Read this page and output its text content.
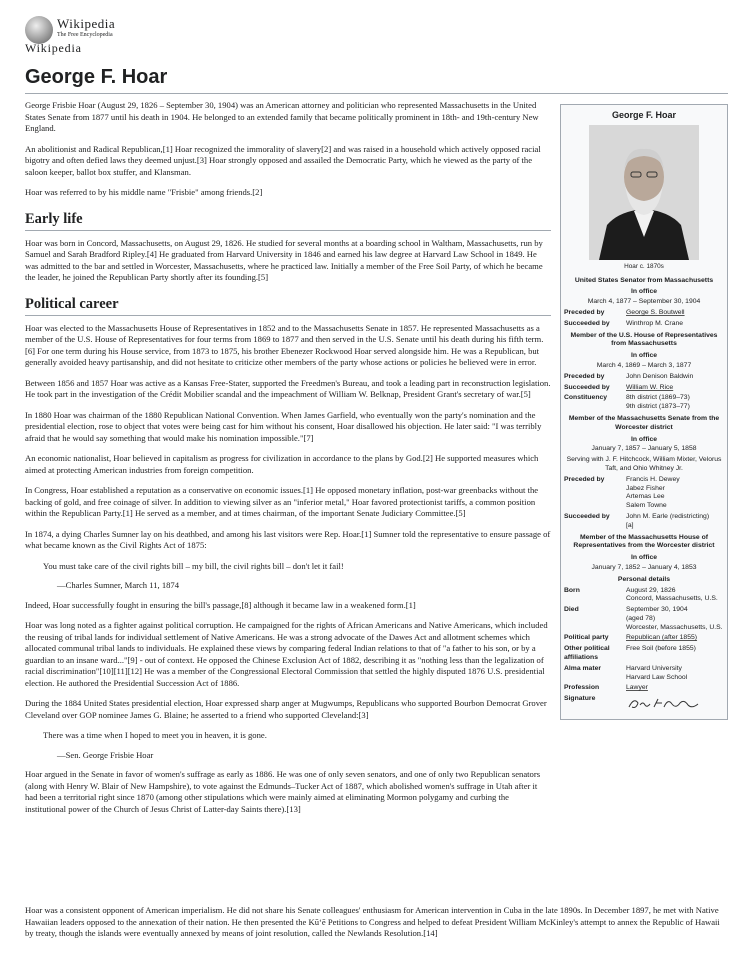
Wikipedia
The Free Encyclopedia
Wikipedia
George F. Hoar

George Frisbie Hoar (August 29, 1826 – September 30, 1904) was an American attorney and politician who represented Massachusetts in the United States Senate from 1877 until his death in 1904. He belonged to an extended family that became politically prominent in 18th- and 19th-century New England.

An abolitionist and Radical Republican,[1] Hoar recognized the immorality of slavery[2] and was raised in a household which actively opposed racial bigotry and often defied laws they deemed unjust.[3] Hoar strongly opposed and assailed the Democratic Party, which he viewed as the party of the saloon keeper, ballot box stuffer, and Klansman.

Hoar was referred to by his middle name "Frisbie" among friends.[2]

Early life

Hoar was born in Concord, Massachusetts, on August 29, 1826. He studied for several months at a boarding school in Waltham, Massachusetts, run by Samuel and Sarah Bradford Ripley.[4] He graduated from Harvard University in 1846 and earned his law degree at Harvard Law School in 1849. He was admitted to the bar and settled in Worcester, Massachusetts, where he practiced law. Initially a member of the Free Soil Party, of which he became the leader, he joined the Republican Party shortly after its founding.[5]

Political career

Hoar was elected to the Massachusetts House of Representatives in 1852 and to the Massachusetts Senate in 1857. He represented Massachusetts as a member of the U.S. House of Representatives for four terms from 1869 to 1877 and then served in the U.S. Senate until his death during his fifth term.[6] For one term during his House service, from 1873 to 1875, his brother Ebenezer Rockwood Hoar served alongside him. He was a Republican, but generally avoided heavy partisanship, and did not hesitate to criticize other members of the party whose actions or policies he believed were in error.

Between 1856 and 1857 Hoar was active as a Kansas Free-Stater, supported the Freedmen's Bureau, and took a leading part in reconstruction legislation. He took part in the investigation of the Crédit Mobilier scandal and the impeachment of William W. Belknap, President Grant's secretary of war.[5]

In 1880 Hoar was chairman of the 1880 Republican National Convention. When James Garfield, who eventually won the party's nomination and the presidential election, rose to object that votes were being cast for him without his consent, Hoar disallowed his objection. He later said: "I was terribly afraid that he would say something that would make his nomination impossible."[7]

An economic nationalist, Hoar believed in capitalism as progress for civilization in accordance to the plans by God.[2] He supported measures which aimed at protecting American industries from foreign competition.

In Congress, Hoar established a reputation as a conservative on economic issues.[1] He opposed monetary inflation, post-war greenbacks without the backing of gold, and free coinage of silver. In addition to viewing silver as an "inferior metal," Hoar favored protectionist tariffs, a common position within the Republican Party.[1] He served as a member, and at times chairman, of the important Senate Judiciary Committee.[5]

In 1874, a dying Charles Sumner lay on his deathbed, and among his last visitors were Rep. Hoar.[1] Sumner told the representative to ensure passage of what became known as the Civil Rights Act of 1875:

You must take care of the civil rights bill – my bill, the civil rights bill – don't let it fail!
—Charles Sumner, March 11, 1874

Indeed, Hoar successfully fought in ensuring the bill's passage,[8] although it became law in a weakened form.[1]

Hoar was long noted as a fighter against political corruption. He campaigned for the rights of African Americans and Native Americans, which included the reusing of tribal lands for individual settlement of Native Americans. He was a strong advocate of the Dawes Act and allotment schemes which allocated communal tribal lands to individuals. He explained these views by comparing federal Indian relations to that of "a father to his son, or by a guardian to an insane ward..."[9] - out of context. He opposed the Chinese Exclusion Act of 1882, describing it as "nothing less than the legalization of racial discrimination"[10][11][12] He was a member of the Congressional Electoral Commission that settled the highly disputed 1876 U.S. presidential election. He authored the Presidential Succession Act of 1886.

During the 1884 United States presidential election, Hoar expressed sharp anger at Mugwumps, Republicans who supported Bourbon Democrat Grover Cleveland over GOP nominee James G. Blaine; he asserted to a friend who supported Cleveland:[3]

There was a time when I hoped to meet you in heaven, it is gone.
—Sen. George Frisbie Hoar

Hoar argued in the Senate in favor of women's suffrage as early as 1886. He was one of only seven senators, and one of only two Republican senators (along with Henry W. Blair of New Hampshire), to vote against the Edmunds–Tucker Act of 1887, which abolished women's suffrage in Utah after it had been a territorial right since 1870 (among other stipulations which were mainly aimed at eliminating Mormon polygamy and curbing the institutional power of the Church of Jesus Christ of Latter-day Saints there).[13]

Hoar was a consistent opponent of American imperialism. He did not share his Senate colleagues' enthusiasm for American intervention in Cuba in the late 1890s. In December 1897, he met with Native Hawaiian leaders opposed to the annexation of their nation. He then presented the Kūʻē Petitions to Congress and helped to defeat President William McKinley's attempt to annex the Republic of Hawaii by treaty, though the islands were eventually annexed by means of joint resolution, called the Newlands Resolution.[14]

George F. Hoar
Hoar c. 1870s
United States Senator from Massachusetts
In office
March 4, 1877 – September 30, 1904
Preceded by	George S. Boutwell
Succeeded by	Winthrop M. Crane
Member of the U.S. House of Representatives from Massachusetts
In office
March 4, 1869 – March 3, 1877
Preceded by	John Denison Baldwin
Succeeded by	William W. Rice
Constituency	8th district (1869–73)
9th district (1873–77)
Member of the Massachusetts Senate from the Worcester district
In office
January 7, 1857 – January 5, 1858
Serving with J. F. Hitchcock, William Mixter, Velorus Taft, and Ohio Whitney Jr.
Preceded by	Francis H. Dewey
Jabez Fisher
Artemas Lee
Salem Towne
Succeeded by	John M. Earle (redistricting)
[a]
Member of the Massachusetts House of Representatives from the Worcester district
In office
January 7, 1852 – January 4, 1853
Personal details
Born	August 29, 1826
Concord, Massachusetts, U.S.
Died	September 30, 1904
(aged 78)
Worcester, Massachusetts, U.S.
Political party	Republican (after 1855)
Other political affiliations
Free Soil (before 1855)
Alma mater	Harvard University
Harvard Law School
Profession	Lawyer
Signature
